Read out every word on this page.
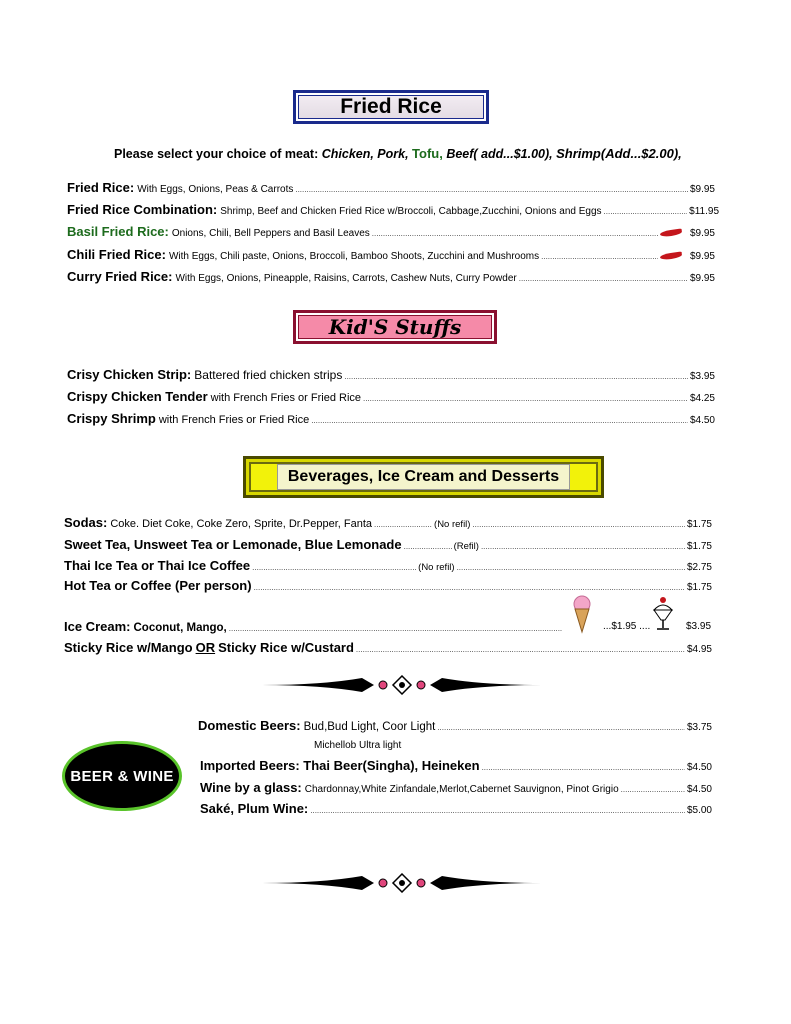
Fried Rice
Please select your choice of meat: Chicken, Pork, Tofu, Beef( add...$1.00), Shrimp(Add...$2.00),
Fried Rice: With Eggs, Onions, Peas & Carrots .....	$9.95
Fried Rice Combination: Shrimp, Beef and Chicken Fried Rice w/Broccoli, Cabbage,Zucchini, Onions and Eggs .....	$11.95
Basil Fried Rice: Onions, Chili, Bell Peppers and Basil Leaves .....	$9.95
Chili Fried Rice: With Eggs, Chili paste, Onions, Broccoli, Bamboo Shoots, Zucchini and Mushrooms .....	$9.95
Curry Fried Rice: With Eggs, Onions, Pineapple, Raisins, Carrots, Cashew Nuts, Curry Powder .....	$9.95
Kid'S Stuffs
Crisy Chicken Strip: Battered fried chicken strips .....	$3.95
Crispy Chicken Tender with French Fries or Fried Rice .....	$4.25
Crispy Shrimp with French Fries or Fried Rice .....	$4.50
Beverages, Ice Cream and Desserts
Sodas: Coke. Diet Coke, Coke Zero, Sprite, Dr.Pepper, Fanta .....	(No refil) .....	$1.75
Sweet Tea, Unsweet Tea or Lemonade, Blue Lemonade .....	(Refil) .....	$1.75
Thai Ice Tea or Thai Ice Coffee .....	(No refil) .....	$2.75
Hot Tea or Coffee (Per person) .....	$1.75
Ice Cream: Coconut, Mango, .....	...$1.95 ....	$3.95
Sticky Rice w/Mango OR Sticky Rice w/Custard .....	$4.95
BEER & WINE
Domestic Beers: Bud,Bud Light, Coor Light .....	$3.75
Michellob Ultra light
Imported Beers: Thai Beer(Singha), Heineken .....	$4.50
Wine by a glass: Chardonnay,White Zinfandale,Merlot,Cabernet Sauvignon, Pinot Grigio .....	$4.50
Saké, Plum Wine: .....	$5.00
